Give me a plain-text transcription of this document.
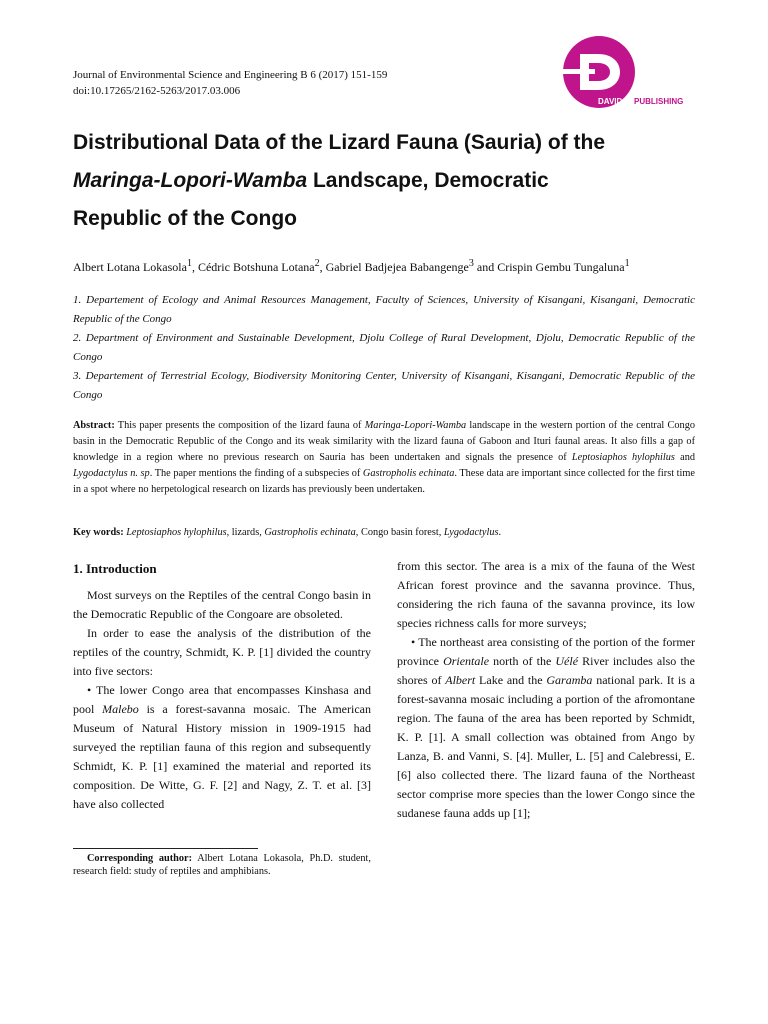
Journal of Environmental Science and Engineering B 6 (2017) 151-159
doi:10.17265/2162-5263/2017.03.006
DAVID PUBLISHING
Distributional Data of the Lizard Fauna (Sauria) of the
Maringa-Lopori-Wamba Landscape, Democratic
Republic of the Congo
Albert Lotana Lokasola$^1$, Cédric Botshuna Lotana$^2$, Gabriel Badjejea Babangenge$^3$ and Crispin Gembu Tungaluna$^1$

1. Departement of Ecology and Animal Resources Management, Faculty of Sciences, University of Kisangani, Kisangani, Democratic Republic of the Congo

2. Department of Environment and Sustainable Development, Djolu College of Rural Development, Djolu, Democratic Republic of the Congo

3. Departement of Terrestrial Ecology, Biodiversity Monitoring Center, University of Kisangani, Kisangani, Democratic Republic of the Congo

Abstract: This paper presents the composition of the lizard fauna of Maringa-Lopori-Wamba landscape in the western portion of the central Congo basin in the Democratic Republic of the Congo and its weak similarity with the lizard fauna of Gaboon and Ituri faunal areas. It also fills a gap of knowledge in a region where no previous research on Sauria has been undertaken and signals the presence of Leptosiaphos hylophilus and Lygodactylus n. sp. The paper mentions the finding of a subspecies of Gastropholis echinata. These data are important since collected for the first time in a spot where no herpetological research on lizards has previously been undertaken.
Key words: Leptosiaphos hylophilus, lizards, Gastropholis echinata, Congo basin forest, Lygodactylus.
1. Introduction

Most surveys on the Reptiles of the central Congo basin in the Democratic Republic of the Congoare are obsoleted.

In order to ease the analysis of the distribution of the reptiles of the country, Schmidt, K. P. [1] divided the country into five sectors:

• The lower Congo area that encompasses Kinshasa and pool Malebo is a forest-savanna mosaic. The American Museum of Natural History mission in 1909-1915 had surveyed the reptilian fauna of this region and subsequently Schmidt, K. P. [1] examined the material and reported its composition. De Witte, G. F. [2] and Nagy, Z. T. et al. [3] have also collected

from this sector. The area is a mix of the fauna of the West African forest province and the savanna province. Thus, considering the rich fauna of the savanna province, its low species richness calls for more surveys;

• The northeast area consisting of the portion of the former province Orientale north of the Uélé River includes also the shores of Albert Lake and the Garamba national park. It is a forest-savanna mosaic including a portion of the afromontane region. The fauna of the area has been reported by Schmidt, K. P. [1]. A small collection was obtained from Ango by Lanza, B. and Vanni, S. [4]. Muller, L. [5] and Calebressi, E. [6] also collected there. The lizard fauna of the Northeast sector comprise more species than the lower Congo since the sudanese fauna adds up [1];

Corresponding author: Albert Lotana Lokasola, Ph.D. student, research field: study of reptiles and amphibians.
